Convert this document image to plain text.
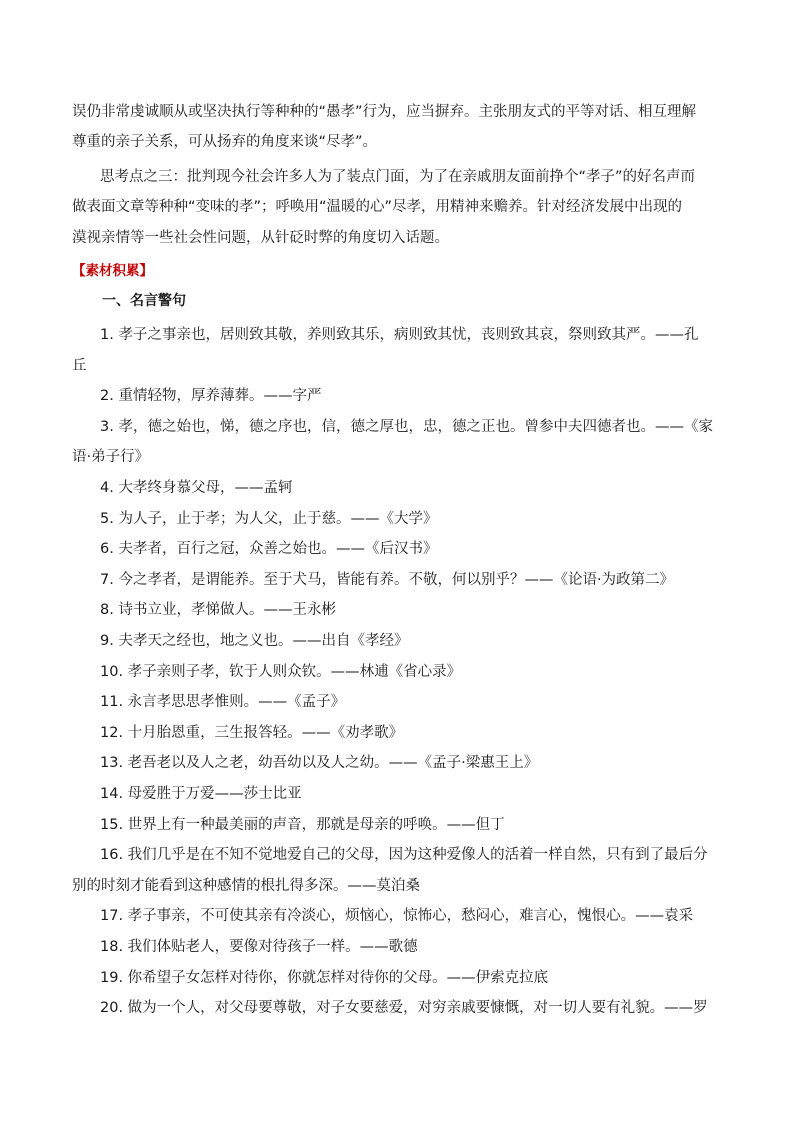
误仍非常虔诚顺从或坚决执行等种种的“愚孝”行为，应当摒弃。主张朋友式的平等对话、相互理解

尊重的亲子关系，可从扬弃的角度来谈“尽孝”。

思考点之三：批判现今社会许多人为了装点门面，为了在亲戚朋友面前挣个“孝子”的好名声而

做表面文章等种种“变味的孝”；呼唤用“温暖的心”尽孝，用精神来赡养。针对经济发展中出现的

漠视亲情等一些社会性问题，从针砭时弊的角度切入话题。

【素材积累】
一、名言警句
1. 孝子之事亲也，居则致其敬，养则致其乐，病则致其忧，丧则致其哀，祭则致其严。——孔
丘
2. 重情轻物，厚养薄葬。——字严
3. 孝，德之始也，悌，德之序也，信，德之厚也，忠，德之正也。曾参中夫四德者也。——《家
语·弟子行》
4. 大孝终身慕父母，——孟轲
5. 为人子，止于孝；为人父，止于慈。——《大学》
6. 夫孝者，百行之冠，众善之始也。——《后汉书》
7. 今之孝者，是谓能养。至于犬马，皆能有养。不敬，何以别乎？——《论语·为政第二》
8. 诗书立业，孝悌做人。——王永彬
9. 夫孝天之经也，地之义也。——出自《孝经》
10. 孝子亲则子孝，钦于人则众钦。——林逋《省心录》
11. 永言孝思思孝惟则。——《孟子》
12. 十月胎恩重，三生报答轻。——《劝孝歌》
13. 老吾老以及人之老，幼吾幼以及人之幼。——《孟子·梁惠王上》
14. 母爱胜于万爱——莎士比亚
15. 世界上有一种最美丽的声音，那就是母亲的呼唤。——但丁
16. 我们几乎是在不知不觉地爱自己的父母，因为这种爱像人的活着一样自然，只有到了最后分
别的时刻才能看到这种感情的根扎得多深。——莫泊桑
17. 孝子事亲，不可使其亲有冷淡心，烦恼心，惊怖心，愁闷心，难言心，愧恨心。——袁采
18. 我们体贴老人，要像对待孩子一样。——歌德
19. 你希望子女怎样对待你，你就怎样对待你的父母。——伊索克拉底
20. 做为一个人，对父母要尊敬，对子女要慈爱，对穷亲戚要慷慨，对一切人要有礼貌。——罗
